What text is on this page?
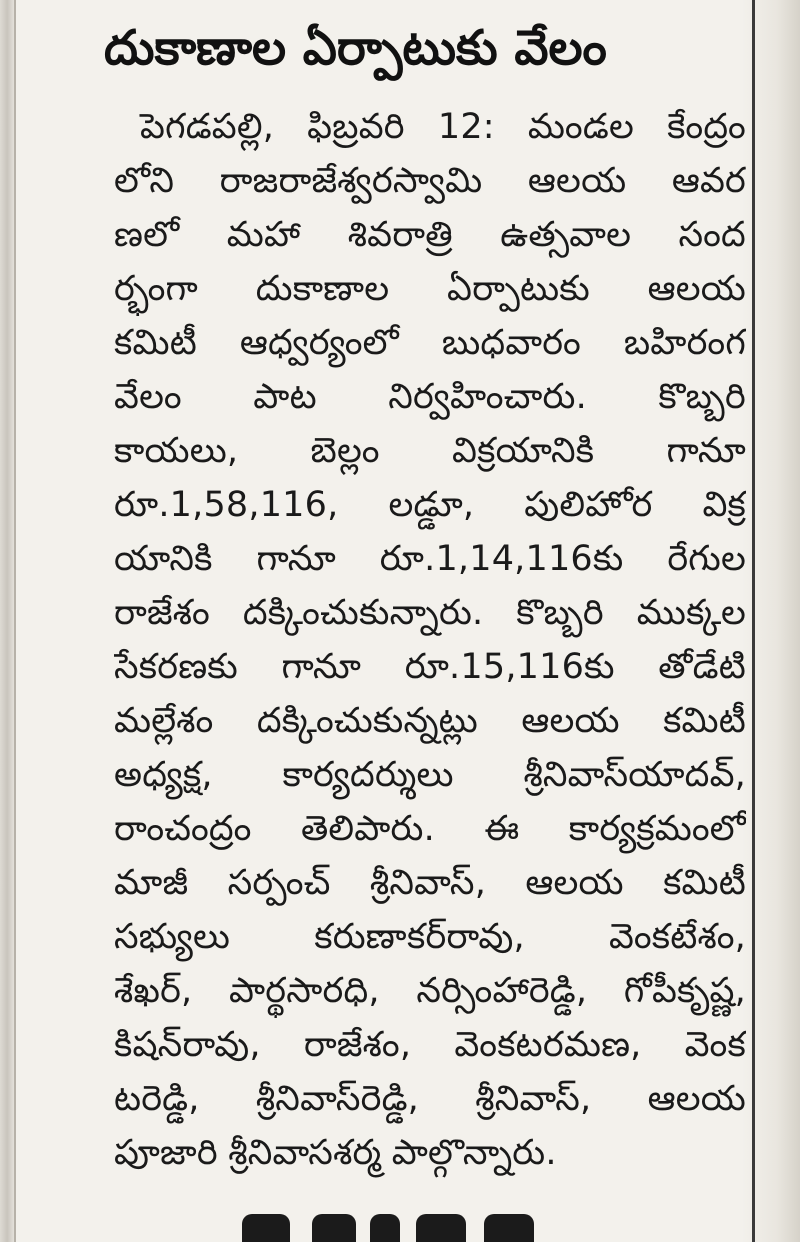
దుకాణాల ఏర్పాటుకు వేలం
పెగడపల్లి, ఫిబ్రవరి 12: మండల కేంద్రం
లోని రాజరాజేశ్వరస్వామి ఆలయ ఆవర
ణలో మహా శివరాత్రి ఉత్సవాల సంద
ర్భంగా దుకాణాల ఏర్పాటుకు ఆలయ
కమిటీ ఆధ్వర్యంలో బుధవారం బహిరంగ
వేలం పాట నిర్వహించారు. కొబ్బరి
కాయలు, బెల్లం విక్రయానికి గానూ
రూ.1,58,116, లడ్డూ, పులిహోర విక్ర
యానికి గానూ రూ.1,14,116కు రేగుల
రాజేశం దక్కించుకున్నారు. కొబ్బరి ముక్కల
సేకరణకు గానూ రూ.15,116కు తోడేటి
మల్లేశం దక్కించుకున్నట్లు ఆలయ కమిటీ
అధ్యక్ష, కార్యదర్శులు శ్రీనివాస్‌యాదవ్,
రాంచంద్రం తెలిపారు. ఈ కార్యక్రమంలో
మాజీ సర్పంచ్ శ్రీనివాస్, ఆలయ కమిటీ
సభ్యులు కరుణాకర్‌రావు, వెంకటేశం,
శేఖర్, పార్థసారధి, నర్సింహారెడ్డి, గోపీకృష్ణ,
కిషన్‌రావు, రాజేశం, వెంకటరమణ, వెంక
టరెడ్డి, శ్రీనివాస్‌రెడ్డి, శ్రీనివాస్, ఆలయ
పూజారి శ్రీనివాసశర్మ పాల్గొన్నారు.
